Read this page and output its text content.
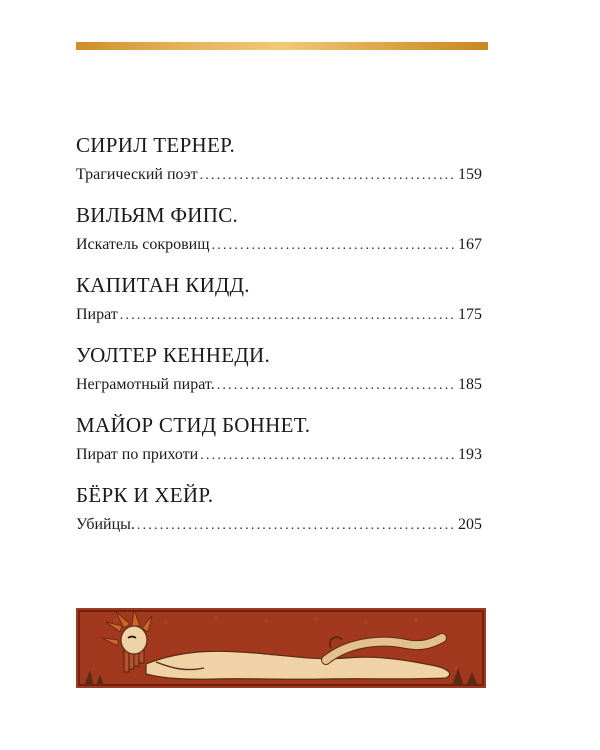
СИРИЛ ТЕРНЕР.
Трагический поэт .....	159
ВИЛЬЯМ ФИПС.
Искатель сокровищ .....	167
КАПИТАН КИДД.
Пират .....	175
УОЛТЕР КЕННЕДИ.
Неграмотный пират. .....	185
МАЙОР СТИД БОННЕТ.
Пират по прихоти .....	193
БЁРК И ХЕЙР.
Убийцы. .....	205
